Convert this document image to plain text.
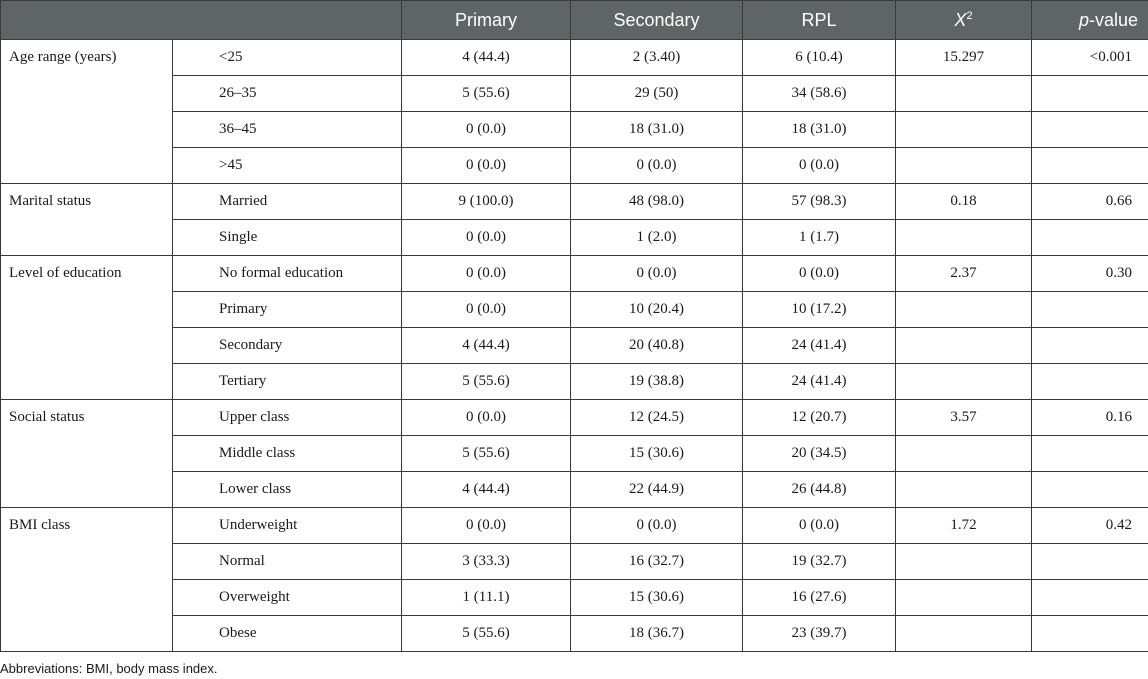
		Primary	Secondary	RPL	$X^2$	p-value
Age range (years)	<25	4 (44.4)	2 (3.40)	6 (10.4)	15.297	<0.001
	26–35	5 (55.6)	29 (50)	34 (58.6)		
	36–45	0 (0.0)	18 (31.0)	18 (31.0)		
	>45	0 (0.0)	0 (0.0)	0 (0.0)		
Marital status	Married	9 (100.0)	48 (98.0)	57 (98.3)	0.18	0.66
	Single	0 (0.0)	1 (2.0)	1 (1.7)		
Level of education	No formal education	0 (0.0)	0 (0.0)	0 (0.0)	2.37	0.30
	Primary	0 (0.0)	10 (20.4)	10 (17.2)		
	Secondary	4 (44.4)	20 (40.8)	24 (41.4)		
	Tertiary	5 (55.6)	19 (38.8)	24 (41.4)		
Social status	Upper class	0 (0.0)	12 (24.5)	12 (20.7)	3.57	0.16
	Middle class	5 (55.6)	15 (30.6)	20 (34.5)		
	Lower class	4 (44.4)	22 (44.9)	26 (44.8)		
BMI class	Underweight	0 (0.0)	0 (0.0)	0 (0.0)	1.72	0.42
	Normal	3 (33.3)	16 (32.7)	19 (32.7)		
	Overweight	1 (11.1)	15 (30.6)	16 (27.6)		
	Obese	5 (55.6)	18 (36.7)	23 (39.7)		
Abbreviations: BMI, body mass index.
